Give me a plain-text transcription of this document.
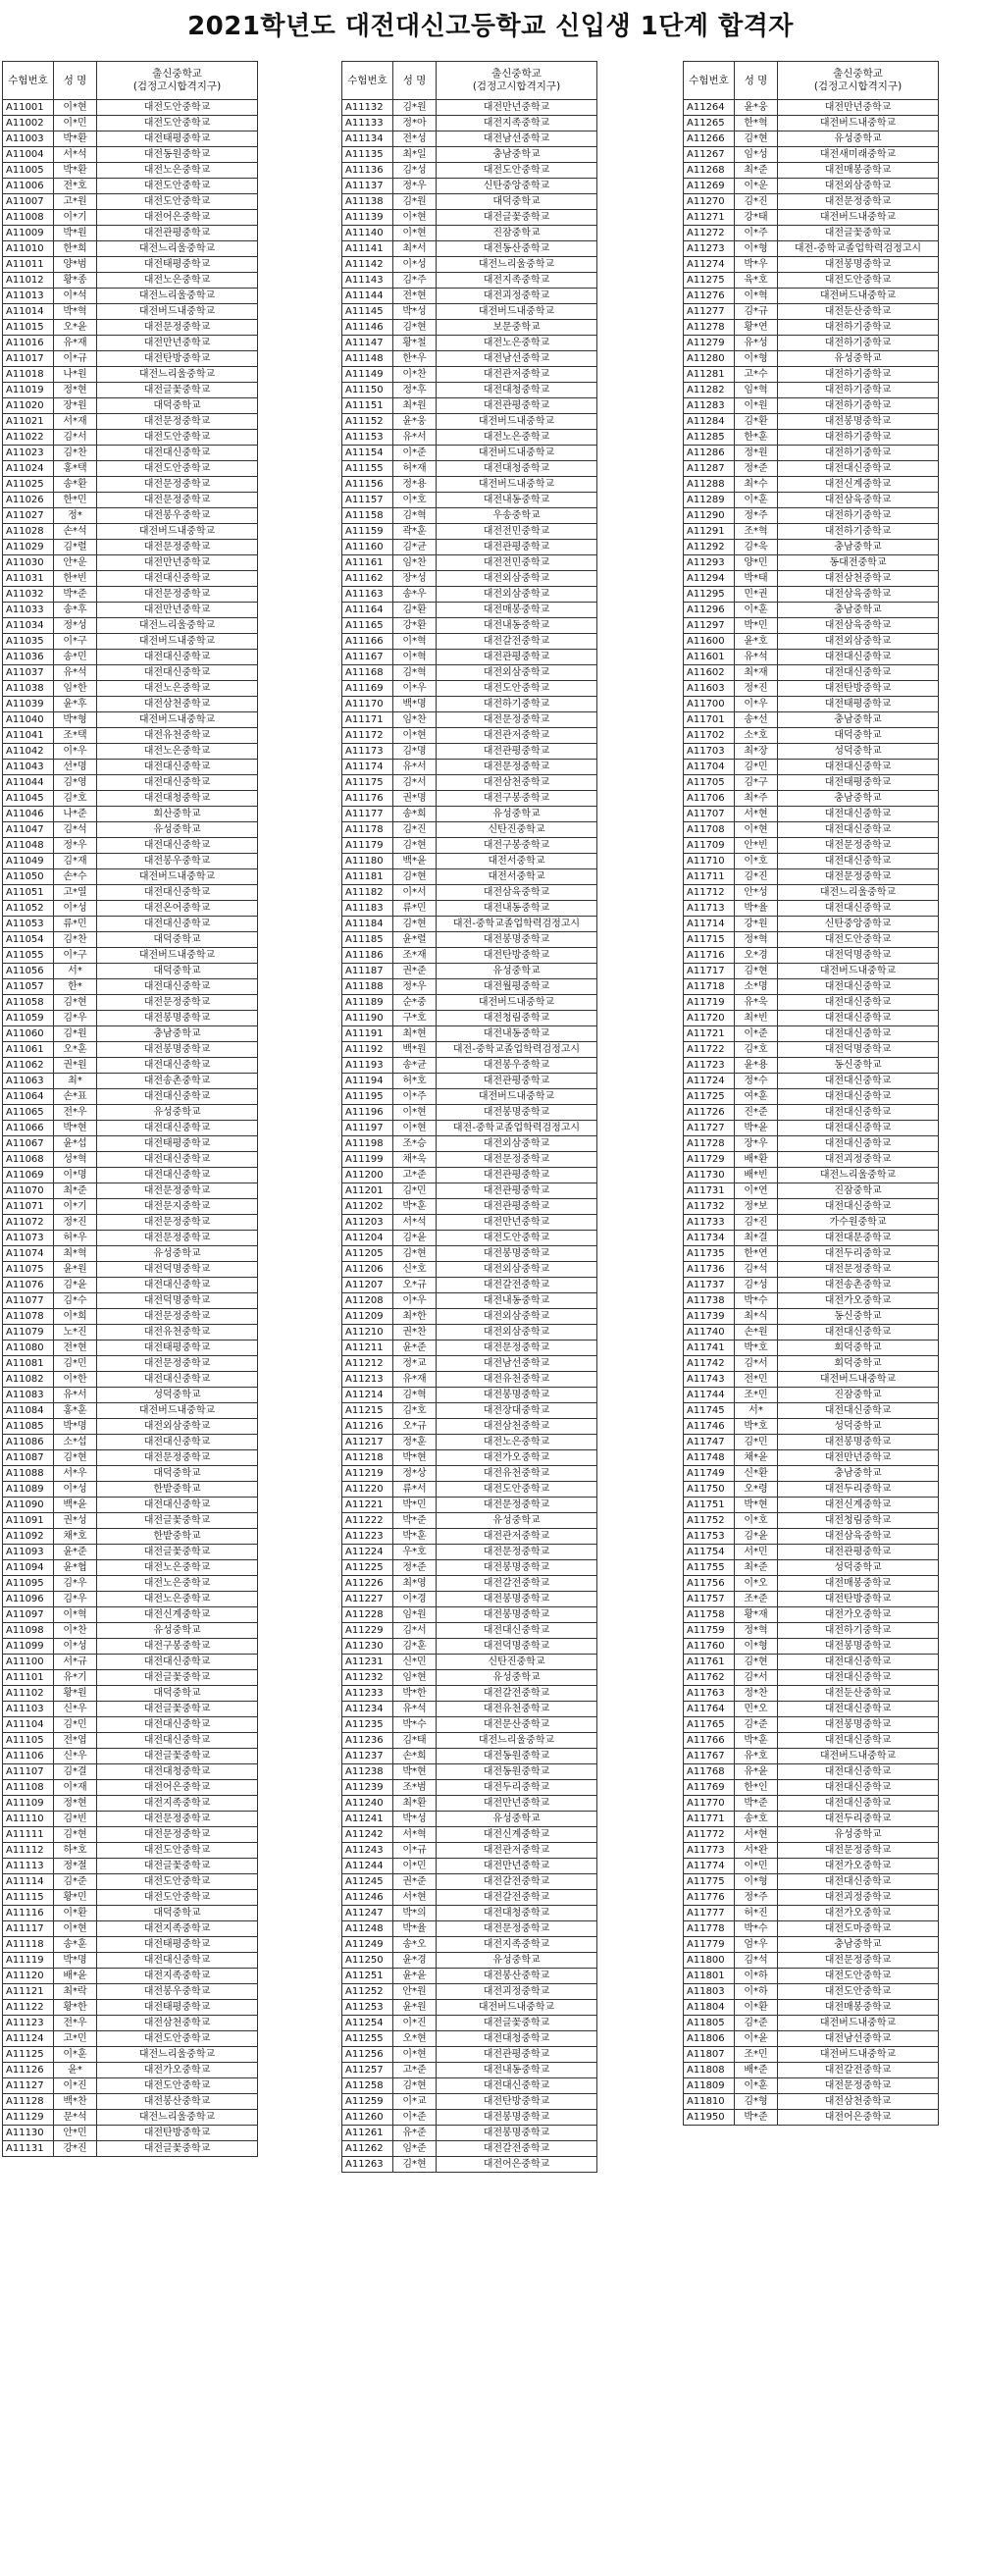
2021학년도 대전대신고등학교 신입생 1단계 합격자
수험번호	성 명	출신중학교
(검정고시합격지구)
A11001	이*현	대전도안중학교
A11002	이*민	대전도안중학교
A11003	박*환	대전태평중학교
A11004	서*석	대전동원중학교
A11005	박*환	대전노은중학교
A11006	전*호	대전도안중학교
A11007	고*원	대전도안중학교
A11008	이*기	대전어은중학교
A11009	박*원	대전관평중학교
A11010	한*희	대전느리울중학교
A11011	양*범	대전태평중학교
A11012	황*종	대전노은중학교
A11013	이*석	대전느리울중학교
A11014	박*혁	대전버드내중학교
A11015	오*윤	대전문정중학교
A11016	유*재	대전만년중학교
A11017	이*규	대전탄방중학교
A11018	나*원	대전느리울중학교
A11019	정*현	대전글꽃중학교
A11020	장*원	대덕중학교
A11021	서*재	대전문정중학교
A11022	김*서	대전도안중학교
A11023	김*찬	대전대신중학교
A11024	홍*택	대전도안중학교
A11025	송*환	대전문정중학교
A11026	한*민	대전문정중학교
A11027	정*	대전봉우중학교
A11028	손*석	대전버드내중학교
A11029	김*렬	대전문정중학교
A11030	안*운	대전만년중학교
A11031	한*빈	대전대신중학교
A11032	박*준	대전문정중학교
A11033	송*후	대전만년중학교
A11034	정*성	대전느리울중학교
A11035	이*구	대전버드내중학교
A11036	송*민	대전대신중학교
A11037	유*석	대전대신중학교
A11038	임*한	대전노은중학교
A11039	윤*후	대전삼천중학교
A11040	박*형	대전버드내중학교
A11041	조*택	대전유천중학교
A11042	이*우	대전노은중학교
A11043	선*명	대전대신중학교
A11044	김*영	대전대신중학교
A11045	김*호	대전대청중학교
A11046	나*준	회산중학교
A11047	김*석	유성중학교
A11048	정*우	대전대신중학교
A11049	김*재	대전봉우중학교
A11050	손*수	대전버드내중학교
A11051	고*열	대전대신중학교
A11052	이*성	대전온어중학교
A11053	류*민	대전대신중학교
A11054	김*찬	대덕중학교
A11055	이*구	대전버드내중학교
A11056	서*	대덕중학교
A11057	한*	대전대신중학교
A11058	김*현	대전문정중학교
A11059	김*우	대전봉명중학교
A11060	김*원	충남중학교
A11061	오*훈	대전봉명중학교
A11062	권*원	대전대신중학교
A11063	최*	대전송촌중학교
A11064	손*표	대전대신중학교
A11065	전*우	유성중학교
A11066	박*현	대전대신중학교
A11067	윤*섭	대전태평중학교
A11068	성*혁	대전대신중학교
A11069	이*명	대전대신중학교
A11070	최*준	대전문정중학교
A11071	이*기	대전문지중학교
A11072	정*진	대전문정중학교
A11073	허*우	대전문정중학교
A11074	최*혁	유성중학교
A11075	윤*원	대전덕명중학교
A11076	김*윤	대전대신중학교
A11077	김*수	대전덕명중학교
A11078	이*희	대전문정중학교
A11079	노*진	대전유천중학교
A11080	전*현	대전태평중학교
A11081	김*민	대전문정중학교
A11082	이*한	대전대신중학교
A11083	유*서	성덕중학교
A11084	홍*훈	대전버드내중학교
A11085	박*명	대전외삼중학교
A11086	소*섭	대전대신중학교
A11087	김*현	대전문정중학교
A11088	서*우	대덕중학교
A11089	이*성	한밭중학교
A11090	백*윤	대전대신중학교
A11091	권*성	대전글꽃중학교
A11092	채*호	한밭중학교
A11093	윤*준	대전글꽃중학교
A11094	윤*협	대전노은중학교
A11095	김*우	대전노은중학교
A11096	김*우	대전노은중학교
A11097	이*혁	대전신계중학교
A11098	이*찬	유성중학교
A11099	이*성	대전구봉중학교
A11100	서*규	대전대신중학교
A11101	유*기	대전글꽃중학교
A11102	황*원	대덕중학교
A11103	신*우	대전글꽃중학교
A11104	김*민	대전대신중학교
A11105	전*엽	대전대신중학교
A11106	신*우	대전글꽃중학교
A11107	김*결	대전대청중학교
A11108	이*재	대전어은중학교
A11109	정*현	대전지족중학교
A11110	김*빈	대전문정중학교
A11111	김*현	대전문정중학교
A11112	하*호	대전도안중학교
A11113	정*절	대전글꽃중학교
A11114	김*준	대전도안중학교
A11115	황*민	대전도안중학교
A11116	이*환	대덕중학교
A11117	이*현	대전지족중학교
A11118	송*훈	대전태평중학교
A11119	박*명	대전대신중학교
A11120	배*윤	대전지족중학교
A11121	최*락	대전봉우중학교
A11122	황*한	대전태평중학교
A11123	전*우	대전삼천중학교
A11124	고*민	대전도안중학교
A11125	이*훈	대전느리울중학교
A11126	윤*	대전가오중학교
A11127	이*진	대전도안중학교
A11128	백*찬	대전봉산중학교
A11129	문*석	대전느리울중학교
A11130	안*민	대전탄방중학교
A11131	강*진	대전글꽃중학교
수험번호	성 명	출신중학교
(검정고시합격지구)
A11132	김*원	대전만년중학교
A11133	정*아	대전지족중학교
A11134	전*성	대전남선중학교
A11135	최*일	충남중학교
A11136	김*성	대전도안중학교
A11137	정*우	신탄중앙중학교
A11138	김*원	대덕중학교
A11139	이*현	대전글꽃중학교
A11140	이*현	진잠중학교
A11141	최*서	대전동산중학교
A11142	이*성	대전느리울중학교
A11143	김*주	대전지족중학교
A11144	전*현	대전괴정중학교
A11145	박*성	대전버드내중학교
A11146	김*현	보문중학교
A11147	황*철	대전노은중학교
A11148	한*우	대전남선중학교
A11149	이*찬	대전관저중학교
A11150	정*후	대전대청중학교
A11151	최*원	대전관평중학교
A11152	윤*웅	대전버드내중학교
A11153	유*서	대전노은중학교
A11154	이*준	대전버드내중학교
A11155	허*재	대전대청중학교
A11156	정*용	대전버드내중학교
A11157	이*호	대전내동중학교
A11158	김*혁	우송중학교
A11159	곽*훈	대전전민중학교
A11160	김*균	대전관평중학교
A11161	임*찬	대전전민중학교
A11162	장*성	대전외삼중학교
A11163	송*우	대전외삼중학교
A11164	김*환	대전매봉중학교
A11165	강*환	대전내동중학교
A11166	이*혁	대전갈전중학교
A11167	이*혁	대전관평중학교
A11168	김*혁	대전외삼중학교
A11169	이*우	대전도안중학교
A11170	백*명	대전하기중학교
A11171	임*찬	대전문정중학교
A11172	이*현	대전관저중학교
A11173	김*명	대전관평중학교
A11174	유*서	대전문정중학교
A11175	김*서	대전삼천중학교
A11176	권*명	대전구봉중학교
A11177	송*희	유성중학교
A11178	김*진	신탄진중학교
A11179	김*현	대전구봉중학교
A11180	백*윤	대전서중학교
A11181	김*현	대전서중학교
A11182	이*서	대전삼육중학교
A11183	류*민	대전내동중학교
A11184	김*현	대전-중학교졸업학력검정고시
A11185	윤*렬	대전봉명중학교
A11186	조*재	대전탄방중학교
A11187	권*준	유성중학교
A11188	정*우	대전월평중학교
A11189	순*중	대전버드내중학교
A11190	구*호	대전청림중학교
A11191	최*현	대전내동중학교
A11192	백*원	대전-중학교졸업학력검정고시
A11193	송*균	대전봉우중학교
A11194	허*호	대전관평중학교
A11195	이*주	대전버드내중학교
A11196	이*현	대전봉명중학교
A11197	이*현	대전-중학교졸업학력검정고시
A11198	조*승	대전외삼중학교
A11199	채*욱	대전문정중학교
A11200	고*준	대전관평중학교
A11201	김*민	대전관평중학교
A11202	박*훈	대전관평중학교
A11203	서*석	대전만년중학교
A11204	김*윤	대전도안중학교
A11205	김*현	대전봉명중학교
A11206	신*호	대전외삼중학교
A11207	오*규	대전갈전중학교
A11208	이*우	대전내동중학교
A11209	최*한	대전외삼중학교
A11210	권*찬	대전외삼중학교
A11211	윤*준	대전문정중학교
A11212	정*교	대전남선중학교
A11213	유*재	대전유천중학교
A11214	김*혁	대전봉명중학교
A11215	김*호	대전장대중학교
A11216	오*규	대전삼천중학교
A11217	정*훈	대전노은중학교
A11218	박*현	대전가오중학교
A11219	정*상	대전유천중학교
A11220	류*서	대전도안중학교
A11221	박*민	대전문정중학교
A11222	박*준	유성중학교
A11223	박*훈	대전관저중학교
A11224	우*호	대전문정중학교
A11225	정*준	대전봉명중학교
A11226	최*영	대전갈전중학교
A11227	이*경	대전봉명중학교
A11228	임*원	대전봉명중학교
A11229	김*서	대전대신중학교
A11230	김*훈	대전덕명중학교
A11231	신*민	신탄진중학교
A11232	임*현	유성중학교
A11233	박*한	대전갈전중학교
A11234	유*석	대전유천중학교
A11235	박*수	대전문산중학교
A11236	김*태	대전느리울중학교
A11237	손*희	대전동원중학교
A11238	박*현	대전동원중학교
A11239	조*범	대전두리중학교
A11240	최*환	대전만년중학교
A11241	박*성	유성중학교
A11242	서*혁	대전신계중학교
A11243	이*규	대전관저중학교
A11244	이*민	대전만년중학교
A11245	권*준	대전갈전중학교
A11246	서*현	대전갈전중학교
A11247	박*의	대전대청중학교
A11248	박*율	대전문정중학교
A11249	송*오	대전지족중학교
A11250	윤*경	유성중학교
A11251	윤*윤	대전봉산중학교
A11252	안*원	대전괴정중학교
A11253	윤*원	대전버드내중학교
A11254	이*진	대전글꽃중학교
A11255	오*현	대전대청중학교
A11256	이*현	대전관평중학교
A11257	고*준	대전내동중학교
A11258	김*현	대전대신중학교
A11259	이*교	대전탄방중학교
A11260	이*준	대전봉명중학교
A11261	유*준	대전봉명중학교
A11262	임*준	대전갈전중학교
A11263	김*현	대전어은중학교
수험번호	성 명	출신중학교
(검정고시합격지구)
A11264	윤*웅	대전만년중학교
A11265	한*혁	대전버드내중학교
A11266	김*현	유성중학교
A11267	임*성	대전새미래중학교
A11268	최*준	대전매봉중학교
A11269	이*운	대전외삼중학교
A11270	김*진	대전문정중학교
A11271	강*태	대전버드내중학교
A11272	이*주	대전글꽃중학교
A11273	이*형	대전-중학교졸업학력검정고시
A11274	박*우	대전봉명중학교
A11275	육*호	대전도안중학교
A11276	이*혁	대전버드내중학교
A11277	김*규	대전둔산중학교
A11278	황*연	대전하기중학교
A11279	유*성	대전하기중학교
A11280	이*형	유성중학교
A11281	고*수	대전하기중학교
A11282	임*혁	대전하기중학교
A11283	이*원	대전하기중학교
A11284	김*환	대전봉명중학교
A11285	한*훈	대전하기중학교
A11286	정*원	대전하기중학교
A11287	정*준	대전대신중학교
A11288	최*수	대전신계중학교
A11289	이*훈	대전삼육중학교
A11290	정*주	대전하기중학교
A11291	조*혁	대전하기중학교
A11292	김*욱	충남중학교
A11293	양*민	동대전중학교
A11294	박*태	대전삼천중학교
A11295	민*권	대전삼육중학교
A11296	이*훈	충남중학교
A11297	박*민	대전삼육중학교
A11600	윤*호	대전외삼중학교
A11601	유*석	대전대신중학교
A11602	최*재	대전대신중학교
A11603	정*진	대전탄방중학교
A11700	이*우	대전태평중학교
A11701	송*선	충남중학교
A11702	소*호	대덕중학교
A11703	최*장	성덕중학교
A11704	김*민	대전대신중학교
A11705	김*구	대전태평중학교
A11706	최*주	충남중학교
A11707	서*현	대전대신중학교
A11708	이*현	대전대신중학교
A11709	안*빈	대전문정중학교
A11710	이*호	대전대신중학교
A11711	김*진	대전문정중학교
A11712	안*성	대전느리울중학교
A11713	박*율	대전대신중학교
A11714	강*원	신탄중앙중학교
A11715	정*혁	대전도안중학교
A11716	오*경	대전덕명중학교
A11717	김*현	대전버드내중학교
A11718	소*명	대전대신중학교
A11719	유*욱	대전대신중학교
A11720	최*빈	대전대신중학교
A11721	이*준	대전대신중학교
A11722	김*호	대전덕명중학교
A11723	윤*용	동신중학교
A11724	정*수	대전대신중학교
A11725	여*훈	대전대신중학교
A11726	진*준	대전대신중학교
A11727	박*윤	대전대신중학교
A11728	장*우	대전대신중학교
A11729	배*환	대전괴정중학교
A11730	배*빈	대전느리울중학교
A11731	이*연	진잠중학교
A11732	정*보	대전대신중학교
A11733	김*진	가수원중학교
A11734	최*결	대전대문중학교
A11735	한*연	대전두리중학교
A11736	김*석	대전문정중학교
A11737	김*성	대전송촌중학교
A11738	박*수	대전가오중학교
A11739	최*식	동신중학교
A11740	손*원	대전대신중학교
A11741	박*호	회덕중학교
A11742	김*서	회덕중학교
A11743	전*민	대전버드내중학교
A11744	조*민	진잠중학교
A11745	서*	대전대신중학교
A11746	박*호	성덕중학교
A11747	김*민	대전봉명중학교
A11748	채*윤	대전만년중학교
A11749	신*환	충남중학교
A11750	오*령	대전두리중학교
A11751	박*현	대전신계중학교
A11752	이*호	대전청림중학교
A11753	김*윤	대전삼육중학교
A11754	서*민	대전관평중학교
A11755	최*준	성덕중학교
A11756	이*오	대전매봉중학교
A11757	조*준	대전탄방중학교
A11758	황*재	대전가오중학교
A11759	정*혁	대전하기중학교
A11760	이*형	대전봉명중학교
A11761	김*현	대전대신중학교
A11762	김*서	대전대신중학교
A11763	정*찬	대전둔산중학교
A11764	민*오	대전대신중학교
A11765	김*준	대전봉명중학교
A11766	박*훈	대전대신중학교
A11767	유*호	대전버드내중학교
A11768	유*윤	대전대신중학교
A11769	한*인	대전대신중학교
A11770	박*준	대전대신중학교
A11771	송*호	대전두리중학교
A11772	서*현	유성중학교
A11773	서*완	대전문정중학교
A11774	이*민	대전가오중학교
A11775	이*형	대전대신중학교
A11776	정*주	대전괴정중학교
A11777	허*진	대전가오중학교
A11778	박*수	대전도마중학교
A11779	엄*우	충남중학교
A11800	김*석	대전문정중학교
A11801	이*하	대전도안중학교
A11803	이*하	대전도안중학교
A11804	이*환	대전매봉중학교
A11805	김*준	대전버드내중학교
A11806	이*윤	대전남선중학교
A11807	조*민	대전버드내중학교
A11808	배*준	대전갈전중학교
A11809	이*훈	대전문정중학교
A11810	김*형	대전삼천중학교
A11950	박*준	대전어은중학교
